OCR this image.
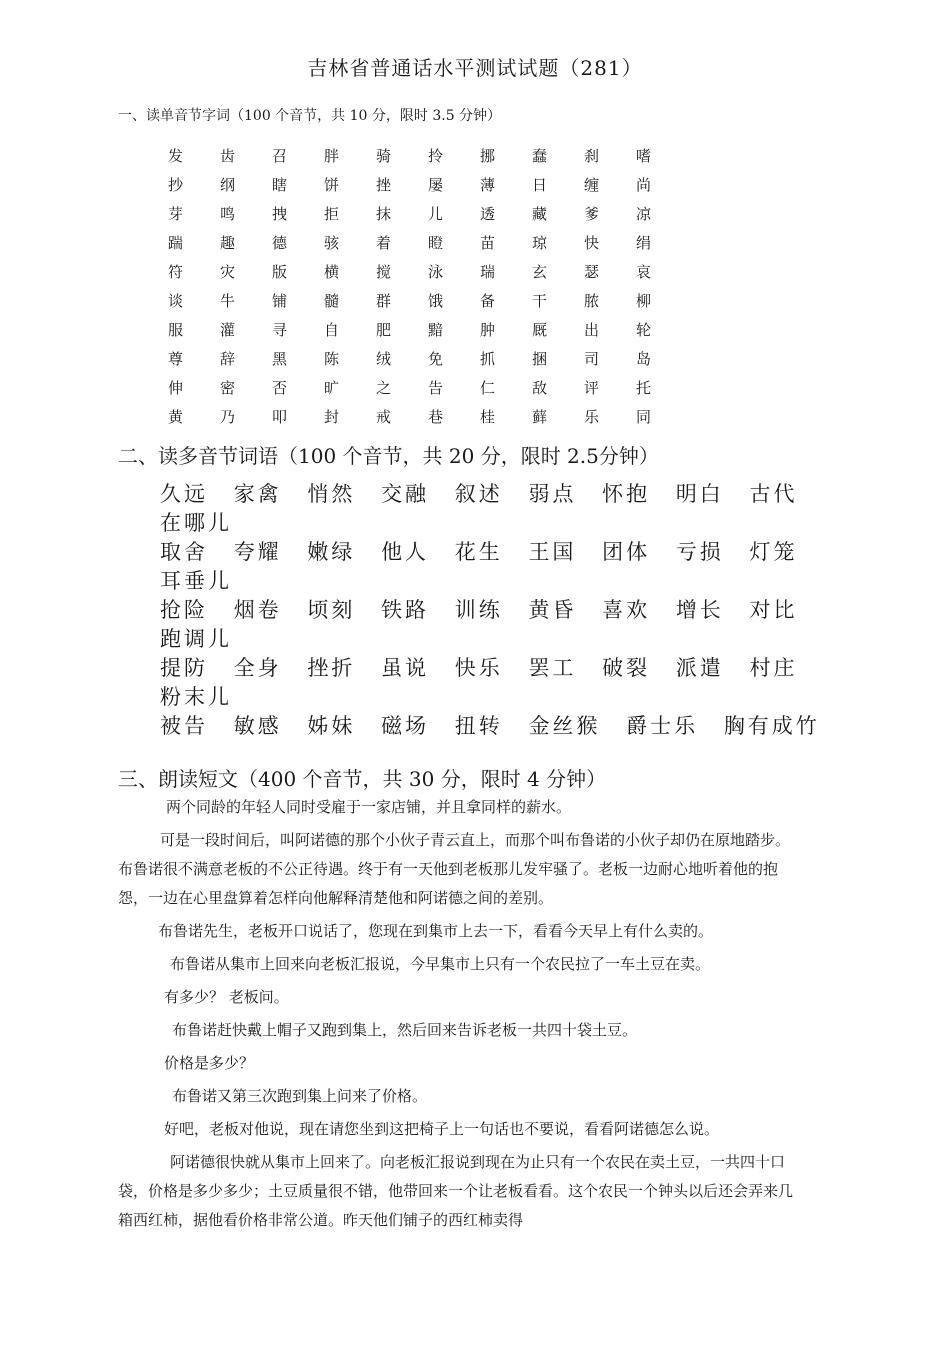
吉林省普通话水平测试试题（281）
一、读单音节字词（100 个音节，共 10 分，限时 3.5 分钟）
发	齿	召	胖	骑	拎	挪	蠢	刹	嗜
抄	纲	瞎	饼	挫	屡	薄	日	缠	尚
芽	鸣	拽	拒	抹	儿	透	藏	爹	凉
踹	趣	德	骇	着	瞪	苗	琼	快	绢
符	灾	版	横	搅	泳	瑞	玄	瑟	哀
谈	牛	铺	髓	群	饿	备	干	脓	柳
服	灌	寻	自	肥	黯	肿	厩	出	轮
尊	辞	黑	陈	绒	免	抓	捆	司	岛
伸	密	否	旷	之	告	仁	敌	评	托
黄	乃	叩	封	戒	巷	桂	藓	乐	同
二、读多音节词语（100 个音节，共 20 分，限时 2.5分钟）
久远 家禽 悄然 交融 叙述 弱点 怀抱 明白 古代 在哪儿
取舍 夸耀 嫩绿 他人 花生 王国 团体 亏损 灯笼 耳垂儿
抢险 烟卷 顷刻 铁路 训练 黄昏 喜欢 增长 对比 跑调儿
提防 全身 挫折 虽说 快乐 罢工 破裂 派遣 村庄 粉末儿
被告 敏感 姊妹 磁场 扭转 金丝猴 爵士乐 胸有成竹
三、朗读短文（400 个音节，共 30 分，限时 4 分钟）

两个同龄的年轻人同时受雇于一家店铺，并且拿同样的薪水。

可是一段时间后，叫阿诺德的那个小伙子青云直上，而那个叫布鲁诺的小伙子却仍在原地踏步。布鲁诺很不满意老板的不公正待遇。终于有一天他到老板那儿发牢骚了。老板一边耐心地听着他的抱怨，一边在心里盘算着怎样向他解释清楚他和阿诺德之间的差别。

布鲁诺先生，老板开口说话了，您现在到集市上去一下，看看今天早上有什么卖的。

布鲁诺从集市上回来向老板汇报说，今早集市上只有一个农民拉了一车土豆在卖。

有多少？ 老板问。

布鲁诺赶快戴上帽子又跑到集上，然后回来告诉老板一共四十袋土豆。

价格是多少？

布鲁诺又第三次跑到集上问来了价格。

好吧，老板对他说，现在请您坐到这把椅子上一句话也不要说，看看阿诺德怎么说。

阿诺德很快就从集市上回来了。向老板汇报说到现在为止只有一个农民在卖土豆，一共四十口袋，价格是多少多少；土豆质量很不错，他带回来一个让老板看看。这个农民一个钟头以后还会弄来几箱西红柿，据他看价格非常公道。昨天他们铺子的西红柿卖得
